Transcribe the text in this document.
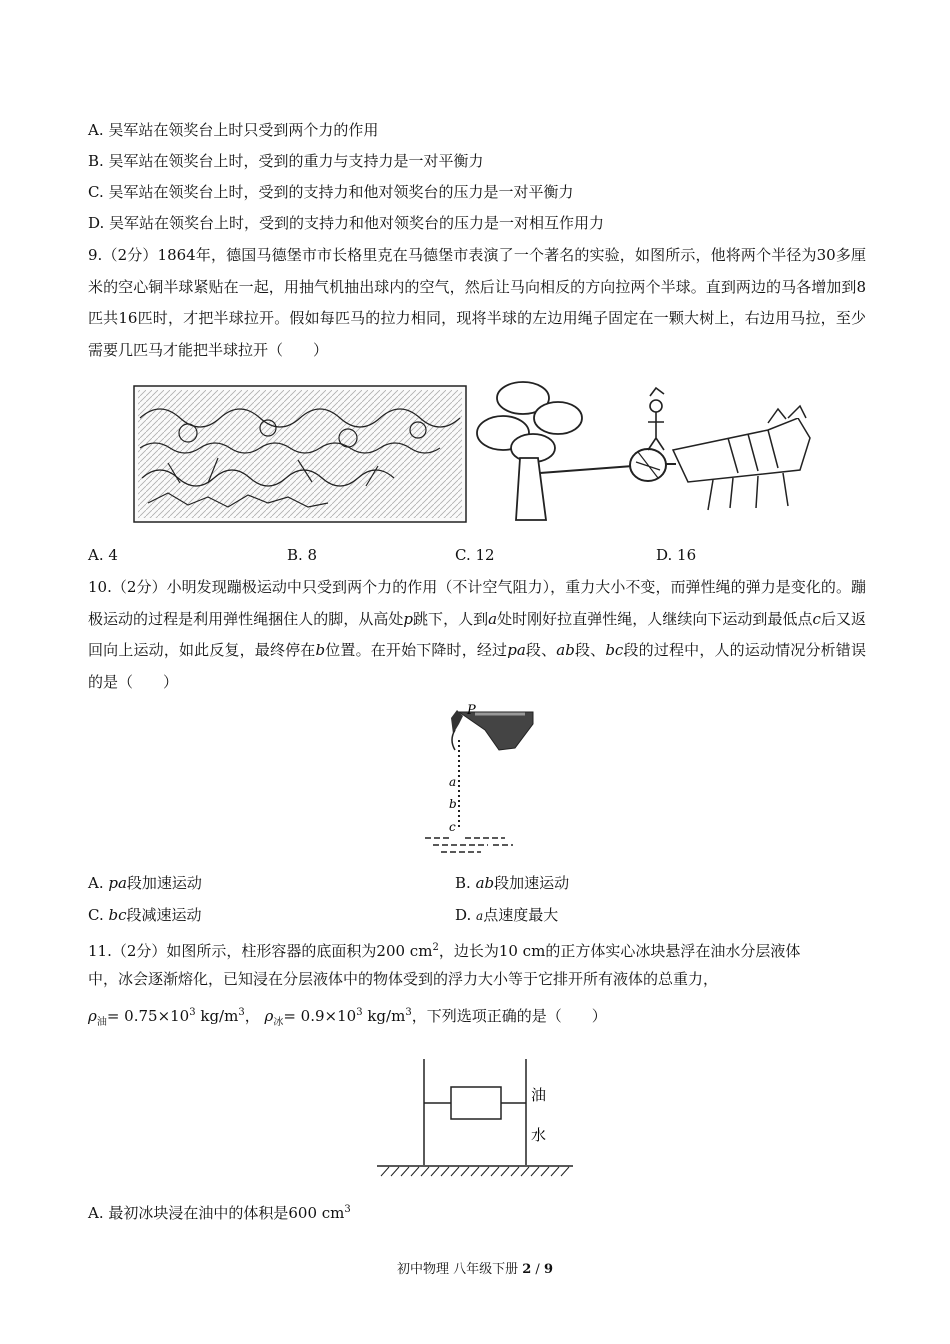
A. 吴军站在领奖台上时只受到两个力的作用
B. 吴军站在领奖台上时，受到的重力与支持力是一对平衡力
C. 吴军站在领奖台上时，受到的支持力和他对领奖台的压力是一对平衡力
D. 吴军站在领奖台上时，受到的支持力和他对领奖台的压力是一对相互作用力
9.（2分）1864年，德国马德堡市市长格里克在马德堡市表演了一个著名的实验，如图所示，他将两个半径为30多厘米的空心铜半球紧贴在一起，用抽气机抽出球内的空气，然后让马向相反的方向拉两个半球。直到两边的马各增加到8匹共16匹时，才把半球拉开。假如每匹马的拉力相同，现将半球的左边用绳子固定在一颗大树上，右边用马拉，至少需要几匹马才能把半球拉开（　　）
A. 4	B. 8	C. 12	D. 16
10.（2分）小明发现蹦极运动中只受到两个力的作用（不计空气阻力），重力大小不变，而弹性绳的弹力是变化的。蹦极运动的过程是利用弹性绳捆住人的脚，从高处p跳下，人到a处时刚好拉直弹性绳，人继续向下运动到最低点c后又返回向上运动，如此反复，最终停在b位置。在开始下降时，经过pa段、ab段、bc段的过程中，人的运动情况分析错误的是（　　）
P
a
b
c
A. pa段加速运动	B. ab段加速运动
C. bc段减速运动	D. a点速度最大
11.（2分）如图所示，柱形容器的底面积为200 $cm^2$，边长为10 cm的正方体实心冰块悬浮在油水分层液体
中，冰会逐渐熔化，已知浸在分层液体中的物体受到的浮力大小等于它排开所有液体的总重力，
$\rho_油= 0.75\times 10^3$ $kg/m^3$， $\rho_冰= 0.9\times 10^3$ $kg/m^3$，下列选项正确的是（　　）
油
水
A. 最初冰块浸在油中的体积是600 $cm^3$
初中物理 八年级下册 2 / 9
